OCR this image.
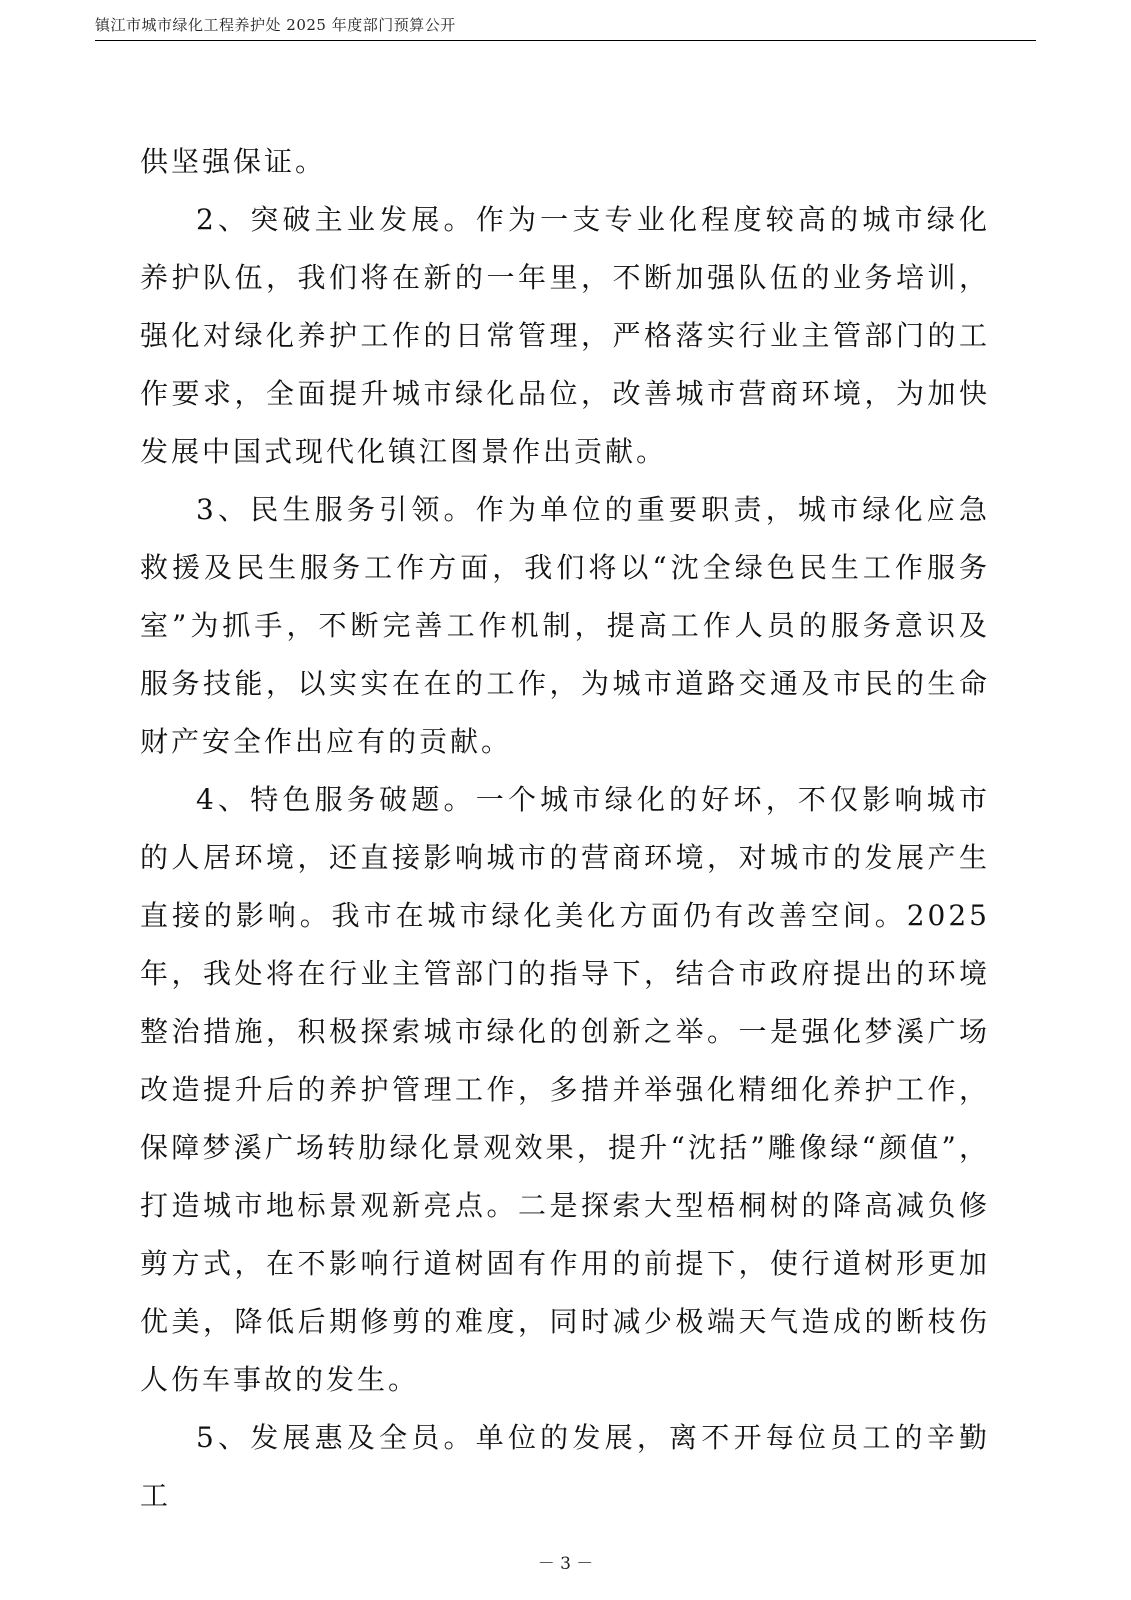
镇江市城市绿化工程养护处 2025 年度部门预算公开

供坚强保证。

2、突破主业发展。作为一支专业化程度较高的城市绿化养护队伍，我们将在新的一年里，不断加强队伍的业务培训，强化对绿化养护工作的日常管理，严格落实行业主管部门的工作要求，全面提升城市绿化品位，改善城市营商环境，为加快发展中国式现代化镇江图景作出贡献。

3、民生服务引领。作为单位的重要职责，城市绿化应急救援及民生服务工作方面，我们将以“沈全绿色民生工作服务室”为抓手，不断完善工作机制，提高工作人员的服务意识及服务技能，以实实在在的工作，为城市道路交通及市民的生命财产安全作出应有的贡献。

4、特色服务破题。一个城市绿化的好坏，不仅影响城市的人居环境，还直接影响城市的营商环境，对城市的发展产生直接的影响。我市在城市绿化美化方面仍有改善空间。2025 年，我处将在行业主管部门的指导下，结合市政府提出的环境整治措施，积极探索城市绿化的创新之举。一是强化梦溪广场改造提升后的养护管理工作，多措并举强化精细化养护工作，保障梦溪广场转肋绿化景观效果，提升“沈括”雕像绿“颜值”，打造城市地标景观新亮点。二是探索大型梧桐树的降高减负修剪方式，在不影响行道树固有作用的前提下，使行道树形更加优美，降低后期修剪的难度，同时减少极端天气造成的断枝伤人伤车事故的发生。

5、发展惠及全员。单位的发展，离不开每位员工的辛勤工

－ 3 －
